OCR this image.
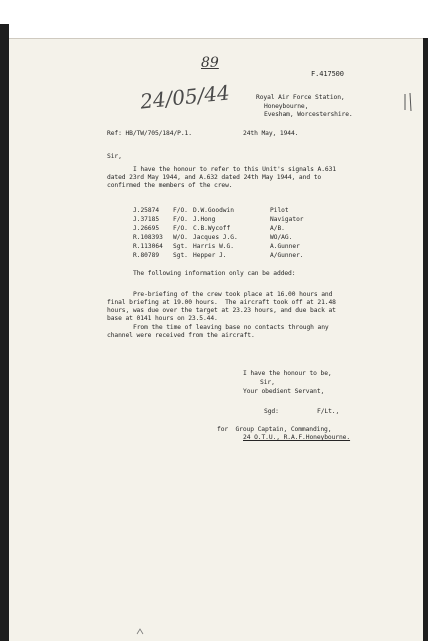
89
24/05/44
F.417500
Royal Air Force Station,
Honeybourne,
Evesham, Worcestershire.
Ref: HB/TW/705/184/P.1.	24th May, 1944.
Sir,
I have the honour to refer to this Unit's signals A.631
dated 23rd May 1944, and A.632 dated 24th May 1944, and to
confirmed the members of the crew.
J.25874 F/O. D.W.Goodwin	Pilot
J.37185 F/O. J.Hong	Navigator
J.26695 F/O. C.B.Wycoff	A/B.
R.108393 W/O. Jacques J.G.	WO/AG.
R.113064 Sgt. Harris W.G.	A.Gunner
R.80789 Sgt. Hepper J.	A/Gunner.
The following information only can be added:
Pre-briefing of the crew took place at 16.00 hours and
final briefing at 19.00 hours.  The aircraft took off at 21.48
hours, was due over the target at 23.23 hours, and due back at
base at 0141 hours on 23.5.44.
From the time of leaving base no contacts through any
channel were received from the aircraft.
I have the honour to be,
Sir,
Your obedient Servant,
Sgd:	F/Lt.,
for  Group Captain, Commanding,
24 O.T.U., R.A.F.Honeybourne.
